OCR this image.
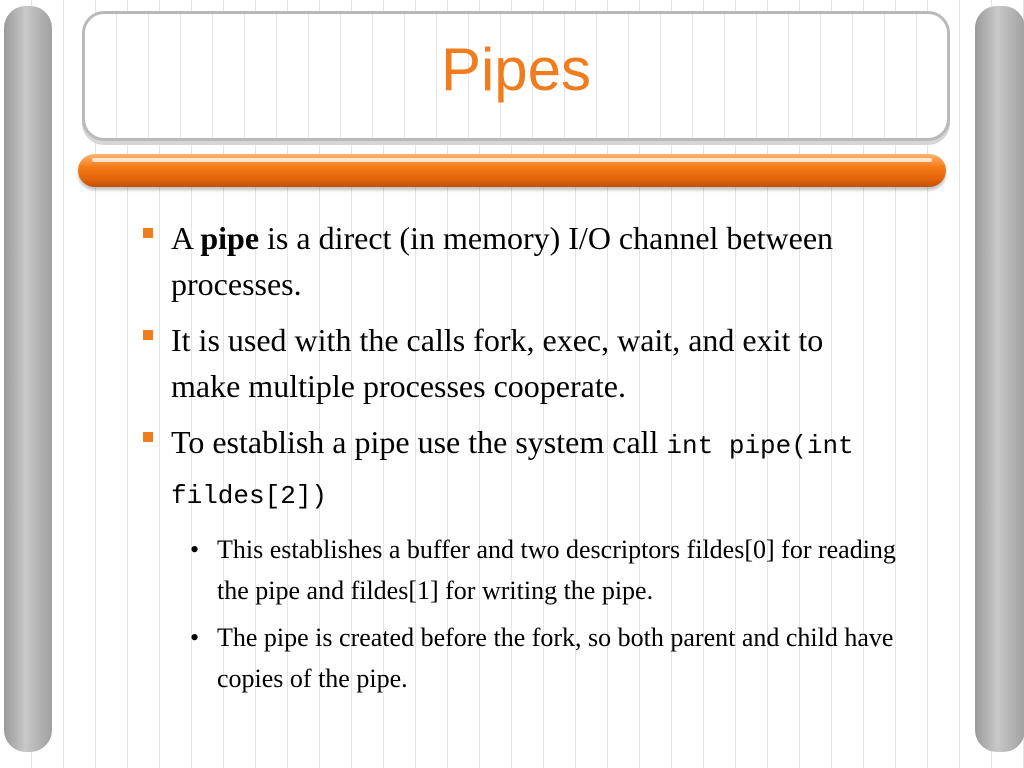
Pipes
A pipe is a direct (in memory) I/O channel between processes.
It is used with the calls fork, exec, wait, and exit to make multiple processes cooperate.
To establish a pipe use the system call int pipe(int fildes[2])
• This establishes a buffer and two descriptors fildes[0] for reading the pipe and fildes[1] for writing the pipe.
• The pipe is created before the fork, so both parent and child have copies of the pipe.
